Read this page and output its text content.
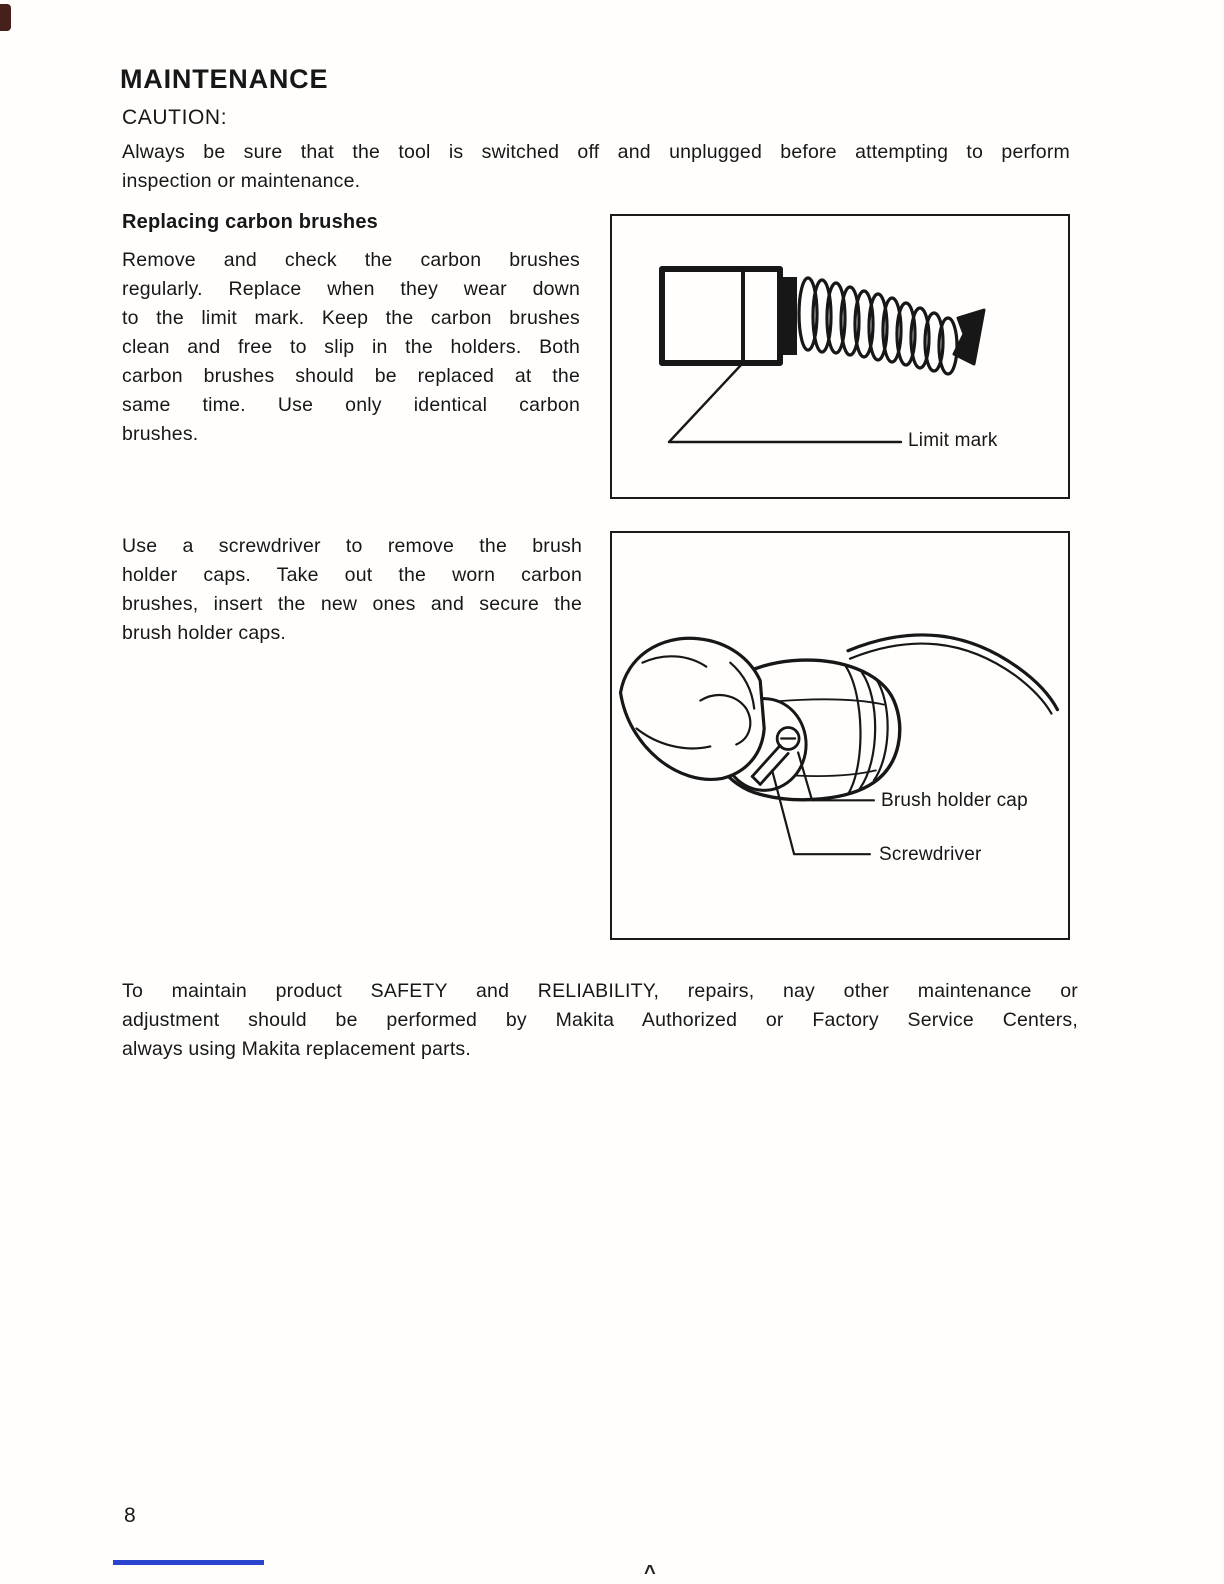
MAINTENANCE
CAUTION:
Always be sure that the tool is switched off and unplugged before attempting to perform
inspection or maintenance.
Replacing carbon brushes
Remove and check the carbon brushes
regularly. Replace when they wear down
to the limit mark. Keep the carbon brushes
clean and free to slip in the holders. Both
carbon brushes should be replaced at the
same time. Use only identical carbon
brushes.	Limit mark
Use a screwdriver to remove the brush
holder caps. Take out the worn carbon
brushes, insert the new ones and secure the
brush holder caps.
Brush holder cap
Screwdriver
To maintain product SAFETY and RELIABILITY, repairs, nay other maintenance or
adjustment should be performed by Makita Authorized or Factory Service Centers,
always using Makita replacement parts.
8
^
